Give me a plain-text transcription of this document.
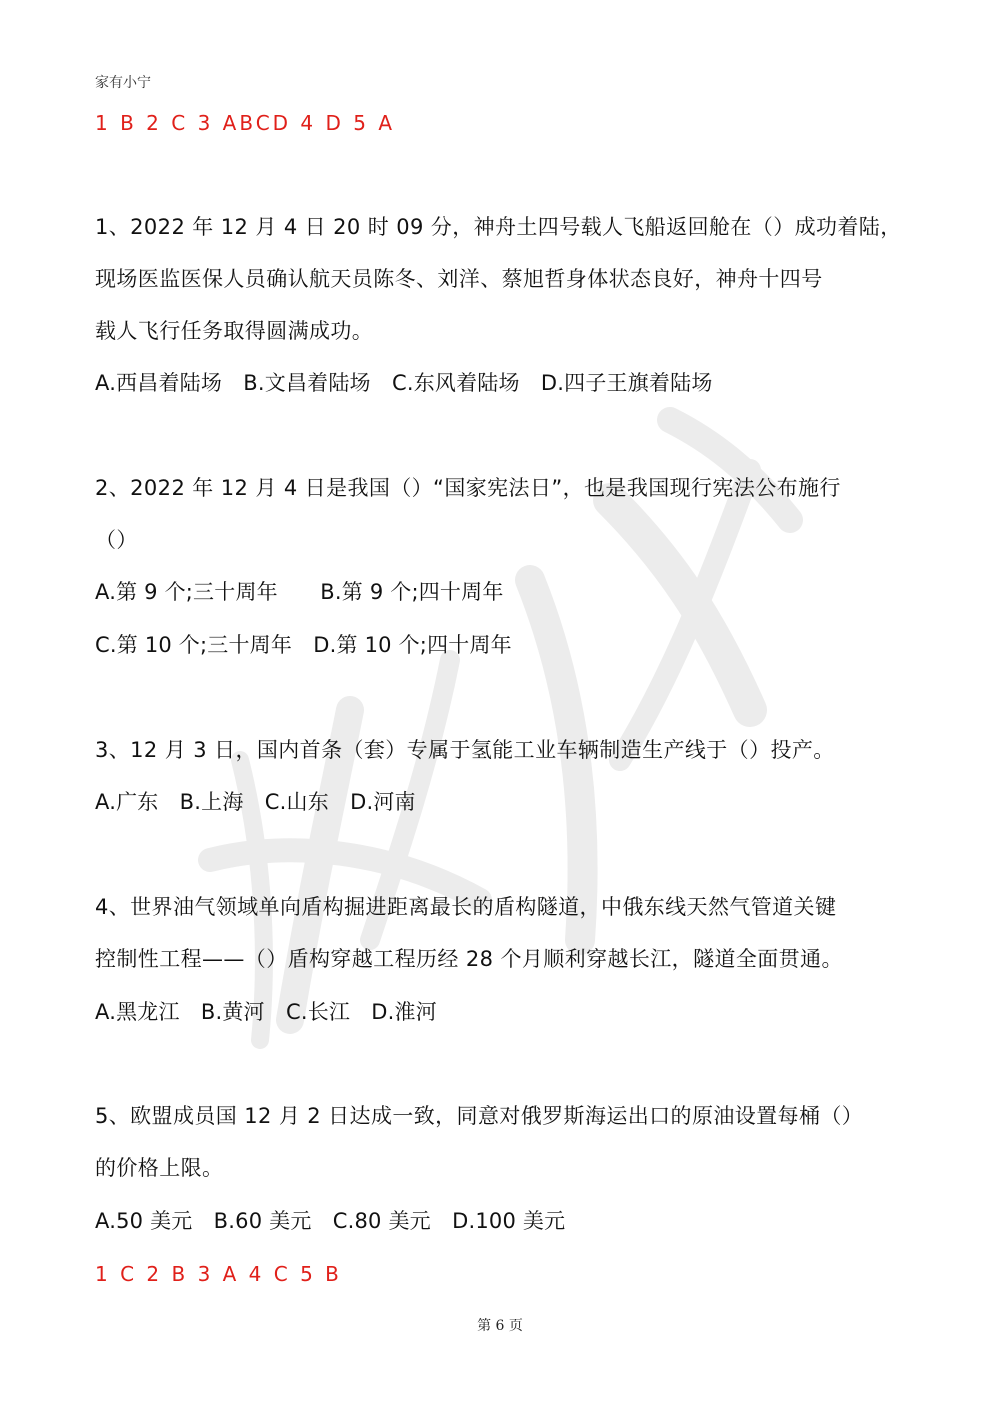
家有小宁
1 B 2 C 3 ABCD 4 D 5 A
1、2022 年 12 月 4 日 20 时 09 分，神舟土四号载人飞船返回舱在（）成功着陆，
现场医监医保人员确认航天员陈冬、刘洋、蔡旭哲身体状态良好，神舟十四号
载人飞行任务取得圆满成功。
A.西昌着陆场　B.文昌着陆场　C.东风着陆场　D.四子王旗着陆场
2、2022 年 12 月 4 日是我国（）“国家宪法日”，也是我国现行宪法公布施行
（）
A.第 9 个;三十周年　　B.第 9 个;四十周年
C.第 10 个;三十周年　D.第 10 个;四十周年
3、12 月 3 日，国内首条（套）专属于氢能工业车辆制造生产线于（）投产。
A.广东　B.上海　C.山东　D.河南
4、世界油气领域单向盾构掘进距离最长的盾构隧道，中俄东线天然气管道关键
控制性工程——（）盾构穿越工程历经 28 个月顺利穿越长江，隧道全面贯通。
A.黑龙江　B.黄河　C.长江　D.淮河
5、欧盟成员国 12 月 2 日达成一致，同意对俄罗斯海运出口的原油设置每桶（）
的价格上限。
A.50 美元　B.60 美元　C.80 美元　D.100 美元
1 C 2 B 3 A 4 C 5 B
第 6 页
